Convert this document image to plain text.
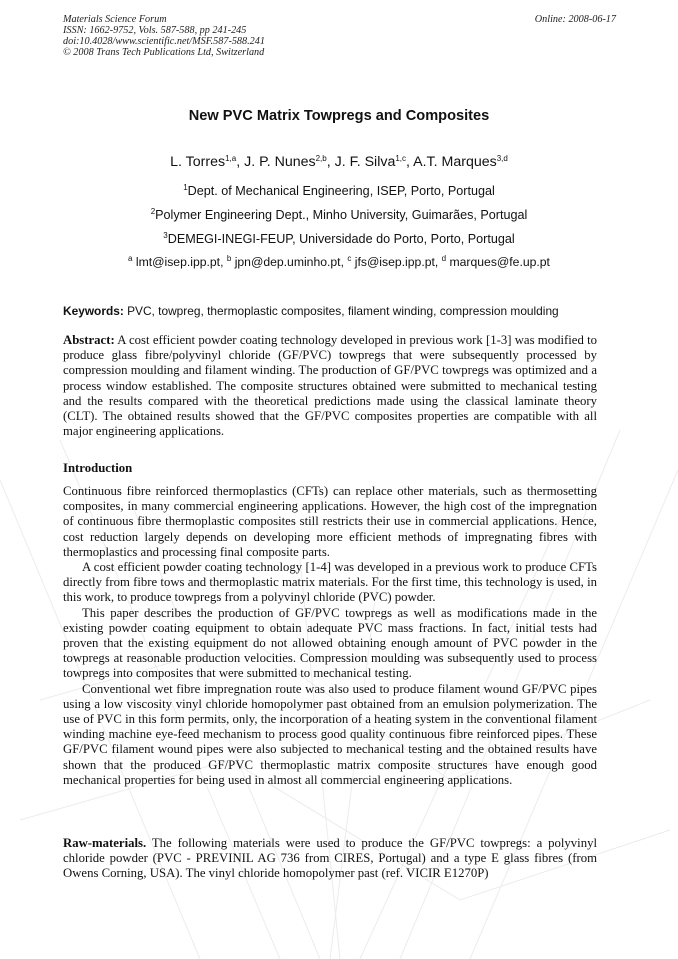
Materials Science Forum
ISSN: 1662-9752, Vols. 587-588, pp 241-245
doi:10.4028/www.scientific.net/MSF.587-588.241
© 2008 Trans Tech Publications Ltd, Switzerland
Online: 2008-06-17
New PVC Matrix Towpregs and Composites
L. Torres$^{1,a}$, J. P. Nunes$^{2,b}$, J. F. Silva$^{1,c}$, A.T. Marques$^{3,d}$
$^1$Dept. of Mechanical Engineering, ISEP, Porto, Portugal
$^2$Polymer Engineering Dept., Minho University, Guimarães, Portugal
$^3$DEMEGI-INEGI-FEUP, Universidade do Porto, Porto, Portugal
$^a$ lmt@isep.ipp.pt, $^b$ jpn@dep.uminho.pt, $^c$ jfs@isep.ipp.pt, $^d$ marques@fe.up.pt
Keywords: PVC, towpreg, thermoplastic composites, filament winding, compression moulding

Abstract: A cost efficient powder coating technology developed in previous work [1-3] was modified to produce glass fibre/polyvinyl chloride (GF/PVC) towpregs that were subsequently processed by compression moulding and filament winding. The production of GF/PVC towpregs was optimized and a process window established. The composite structures obtained were submitted to mechanical testing and the results compared with the theoretical predictions made using the classical laminate theory (CLT). The obtained results showed that the GF/PVC composites properties are compatible with all major engineering applications.

Introduction

Continuous fibre reinforced thermoplastics (CFTs) can replace other materials, such as thermosetting composites, in many commercial engineering applications. However, the high cost of the impregnation of continuous fibre thermoplastic composites still restricts their use in commercial applications. Hence, cost reduction largely depends on developing more efficient methods of impregnating fibres with thermoplastics and processing final composite parts.

A cost efficient powder coating technology [1-4] was developed in a previous work to produce CFTs directly from fibre tows and thermoplastic matrix materials. For the first time, this technology is used, in this work, to produce towpregs from a polyvinyl chloride (PVC) powder.

This paper describes the production of GF/PVC towpregs as well as modifications made in the existing powder coating equipment to obtain adequate PVC mass fractions. In fact, initial tests had proven that the existing equipment do not allowed obtaining enough amount of PVC powder in the towpregs at reasonable production velocities. Compression moulding was subsequently used to process towpregs into composites that were submitted to mechanical testing.

Conventional wet fibre impregnation route was also used to produce filament wound GF/PVC pipes using a low viscosity vinyl chloride homopolymer past obtained from an emulsion polymerization. The use of PVC in this form permits, only, the incorporation of a heating system in the conventional filament winding machine eye-feed mechanism to process good quality continuous fibre reinforced pipes. These GF/PVC filament wound pipes were also subjected to mechanical testing and the obtained results have shown that the produced GF/PVC thermoplastic matrix composite structures have enough good mechanical properties for being used in almost all commercial engineering applications.

Raw-materials. The following materials were used to produce the GF/PVC towpregs: a polyvinyl chloride powder (PVC - PREVINIL AG 736 from CIRES, Portugal) and a type E glass fibres (from Owens Corning, USA). The vinyl chloride homopolymer past (ref. VICIR E1270P)
